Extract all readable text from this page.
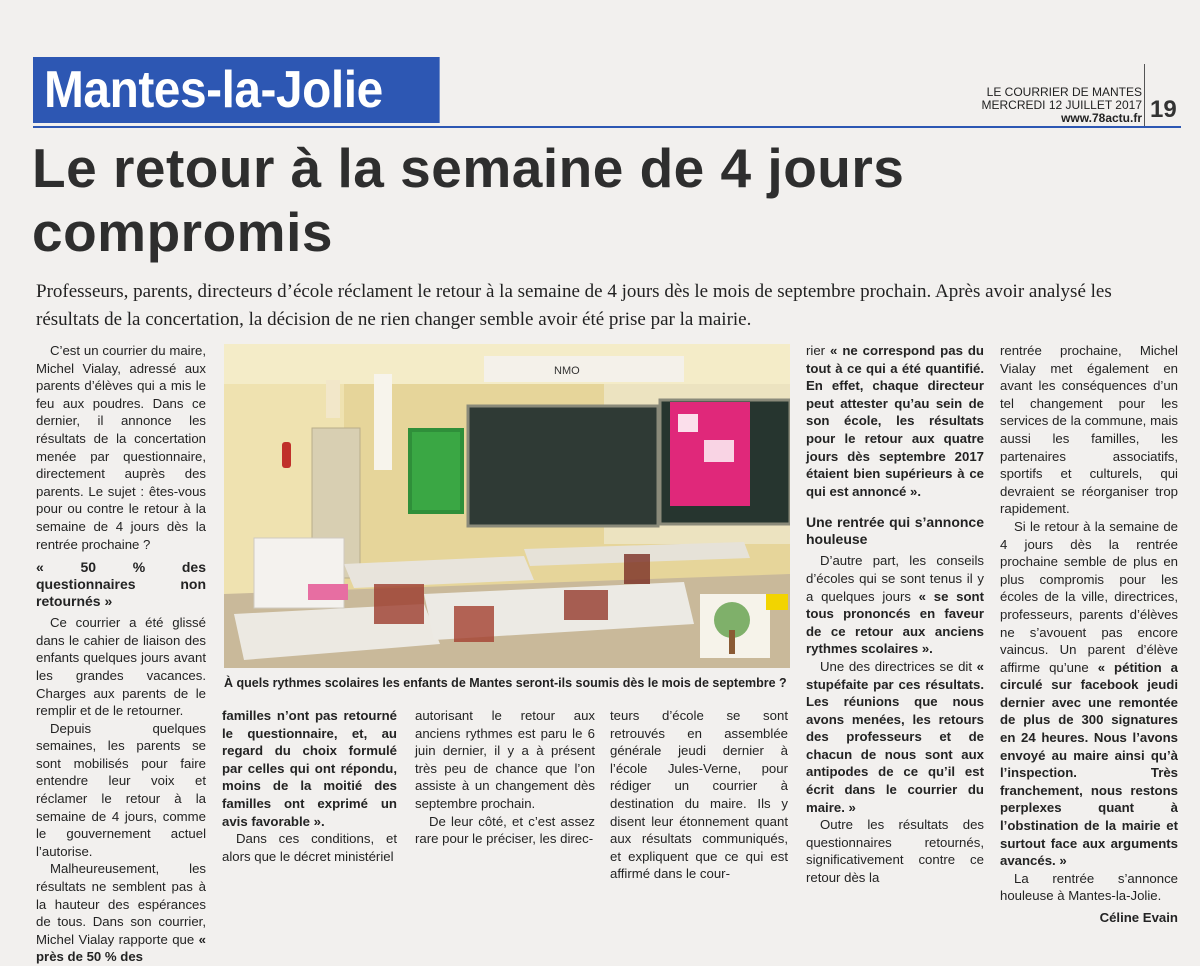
Mantes-la-Jolie	LE COURRIER DE MANTES
MERCREDI 12 JUILLET 2017
www.78actu.fr 19
Le retour à la semaine de 4 jours compromis
Professeurs, parents, directeurs d’école réclament le retour à la semaine de 4 jours dès le mois de septembre prochain. Après avoir analysé les résultats de la concertation, la décision de ne rien changer semble avoir été prise par la mairie.

C’est un courrier du maire, Michel Vialay, adressé aux parents d’élèves qui a mis le feu aux poudres. Dans ce dernier, il annonce les résultats de la concertation menée par questionnaire, directement auprès des parents. Le sujet : êtes-vous pour ou contre le retour à la semaine de 4 jours dès la rentrée prochaine ?

« 50 % des questionnaires non retournés »

Ce courrier a été glissé dans le cahier de liaison des enfants quelques jours avant les grandes vacances. Charges aux parents de le remplir et de le retourner.

Depuis quelques semaines, les parents se sont mobilisés pour faire entendre leur voix et réclamer le retour à la semaine de 4 jours, comme le gouvernement actuel l’autorise.

Malheureusement, les résultats ne semblent pas à la hauteur des espérances de tous. Dans son courrier, Michel Vialay rapporte que « près de 50 % des

NMO
À quels rythmes scolaires les enfants de Mantes seront-ils soumis dès le mois de septembre ?

familles n’ont pas retourné le questionnaire, et, au regard du choix formulé par celles qui ont répondu, moins de la moitié des familles ont exprimé un avis favorable ».

Dans ces conditions, et alors que le décret ministériel

autorisant le retour aux anciens rythmes est paru le 6 juin dernier, il y a à présent très peu de chance que l’on assiste à un changement dès septembre prochain.

De leur côté, et c’est assez rare pour le préciser, les direc-

teurs d’école se sont retrouvés en assemblée générale jeudi dernier à l’école Jules-Verne, pour rédiger un courrier à destination du maire. Ils y disent leur étonnement quant aux résultats communiqués, et expliquent que ce qui est affirmé dans le cour-

rier « ne correspond pas du tout à ce qui a été quantifié. En effet, chaque directeur peut attester qu’au sein de son école, les résultats pour le retour aux quatre jours dès septembre 2017 étaient bien supérieurs à ce qui est annoncé ».

Une rentrée qui s’annonce houleuse

D’autre part, les conseils d’écoles qui se sont tenus il y a quelques jours « se sont tous prononcés en faveur de ce retour aux anciens rythmes scolaires ».

Une des directrices se dit « stupéfaite par ces résultats. Les réunions que nous avons menées, les retours des professeurs et de chacun de nous sont aux antipodes de ce qu’il est écrit dans le courrier du maire. »

Outre les résultats des questionnaires retournés, significativement contre ce retour dès la

rentrée prochaine, Michel Vialay met également en avant les conséquences d’un tel changement pour les services de la commune, mais aussi les familles, les partenaires associatifs, sportifs et culturels, qui devraient se réorganiser trop rapidement.

Si le retour à la semaine de 4 jours dès la rentrée prochaine semble de plus en plus compromis pour les écoles de la ville, directrices, professeurs, parents d’élèves ne s’avouent pas encore vaincus. Un parent d’élève affirme qu’une « pétition a circulé sur facebook jeudi dernier avec une remontée de plus de 300 signatures en 24 heures. Nous l’avons envoyé au maire ainsi qu’à l’inspection. Très franchement, nous restons perplexes quant à l’obstination de la mairie et surtout face aux arguments avancés. »

La rentrée s’annonce houleuse à Mantes-la-Jolie.

Céline Evain
